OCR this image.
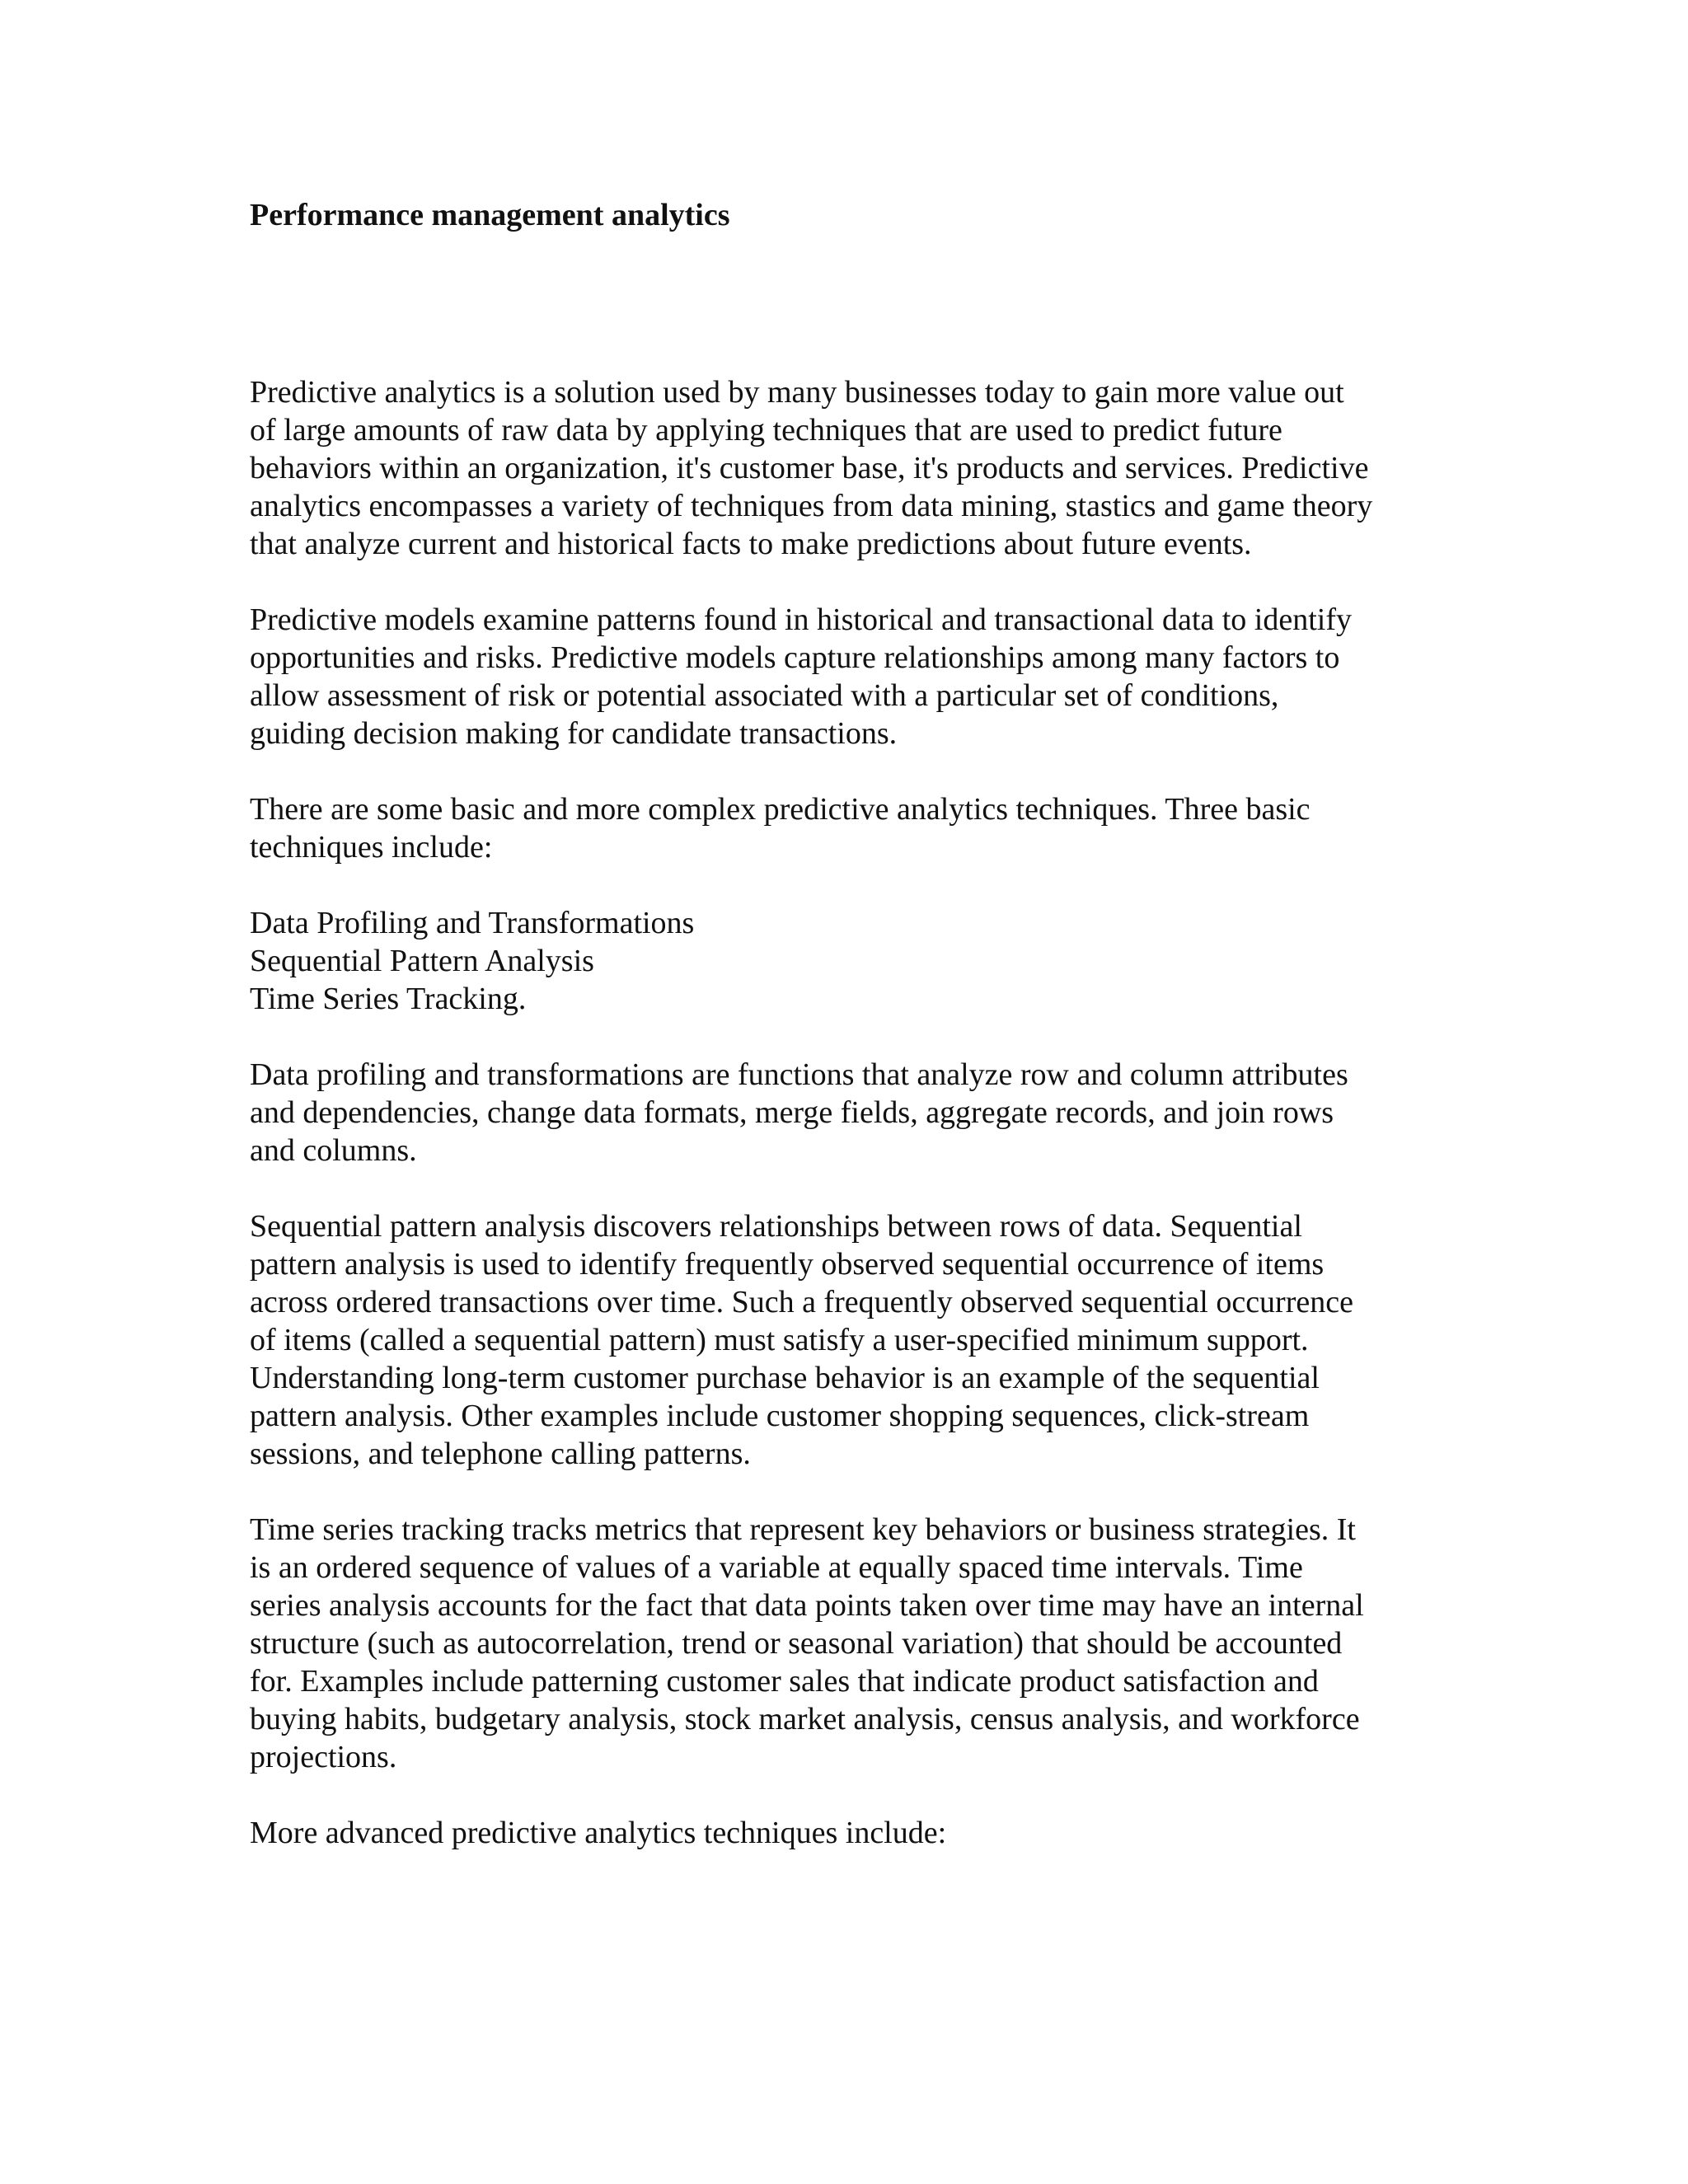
Performance management analytics

Predictive analytics is a solution used by many businesses today to gain more value out
of large amounts of raw data by applying techniques that are used to predict future
behaviors within an organization, it's customer base, it's products and services. Predictive
analytics encompasses a variety of techniques from data mining, stastics and game theory
that analyze current and historical facts to make predictions about future events.

Predictive models examine patterns found in historical and transactional data to identify
opportunities and risks. Predictive models capture relationships among many factors to
allow assessment of risk or potential associated with a particular set of conditions,
guiding decision making for candidate transactions.

There are some basic and more complex predictive analytics techniques. Three basic
techniques include:

Data Profiling and Transformations
Sequential Pattern Analysis
Time Series Tracking.

Data profiling and transformations are functions that analyze row and column attributes
and dependencies, change data formats, merge fields, aggregate records, and join rows
and columns.

Sequential pattern analysis discovers relationships between rows of data. Sequential
pattern analysis is used to identify frequently observed sequential occurrence of items
across ordered transactions over time. Such a frequently observed sequential occurrence
of items (called a sequential pattern) must satisfy a user-specified minimum support.
Understanding long-term customer purchase behavior is an example of the sequential
pattern analysis. Other examples include customer shopping sequences, click-stream
sessions, and telephone calling patterns.

Time series tracking tracks metrics that represent key behaviors or business strategies. It
is an ordered sequence of values of a variable at equally spaced time intervals. Time
series analysis accounts for the fact that data points taken over time may have an internal
structure (such as autocorrelation, trend or seasonal variation) that should be accounted
for. Examples include patterning customer sales that indicate product satisfaction and
buying habits, budgetary analysis, stock market analysis, census analysis, and workforce
projections.

More advanced predictive analytics techniques include:
